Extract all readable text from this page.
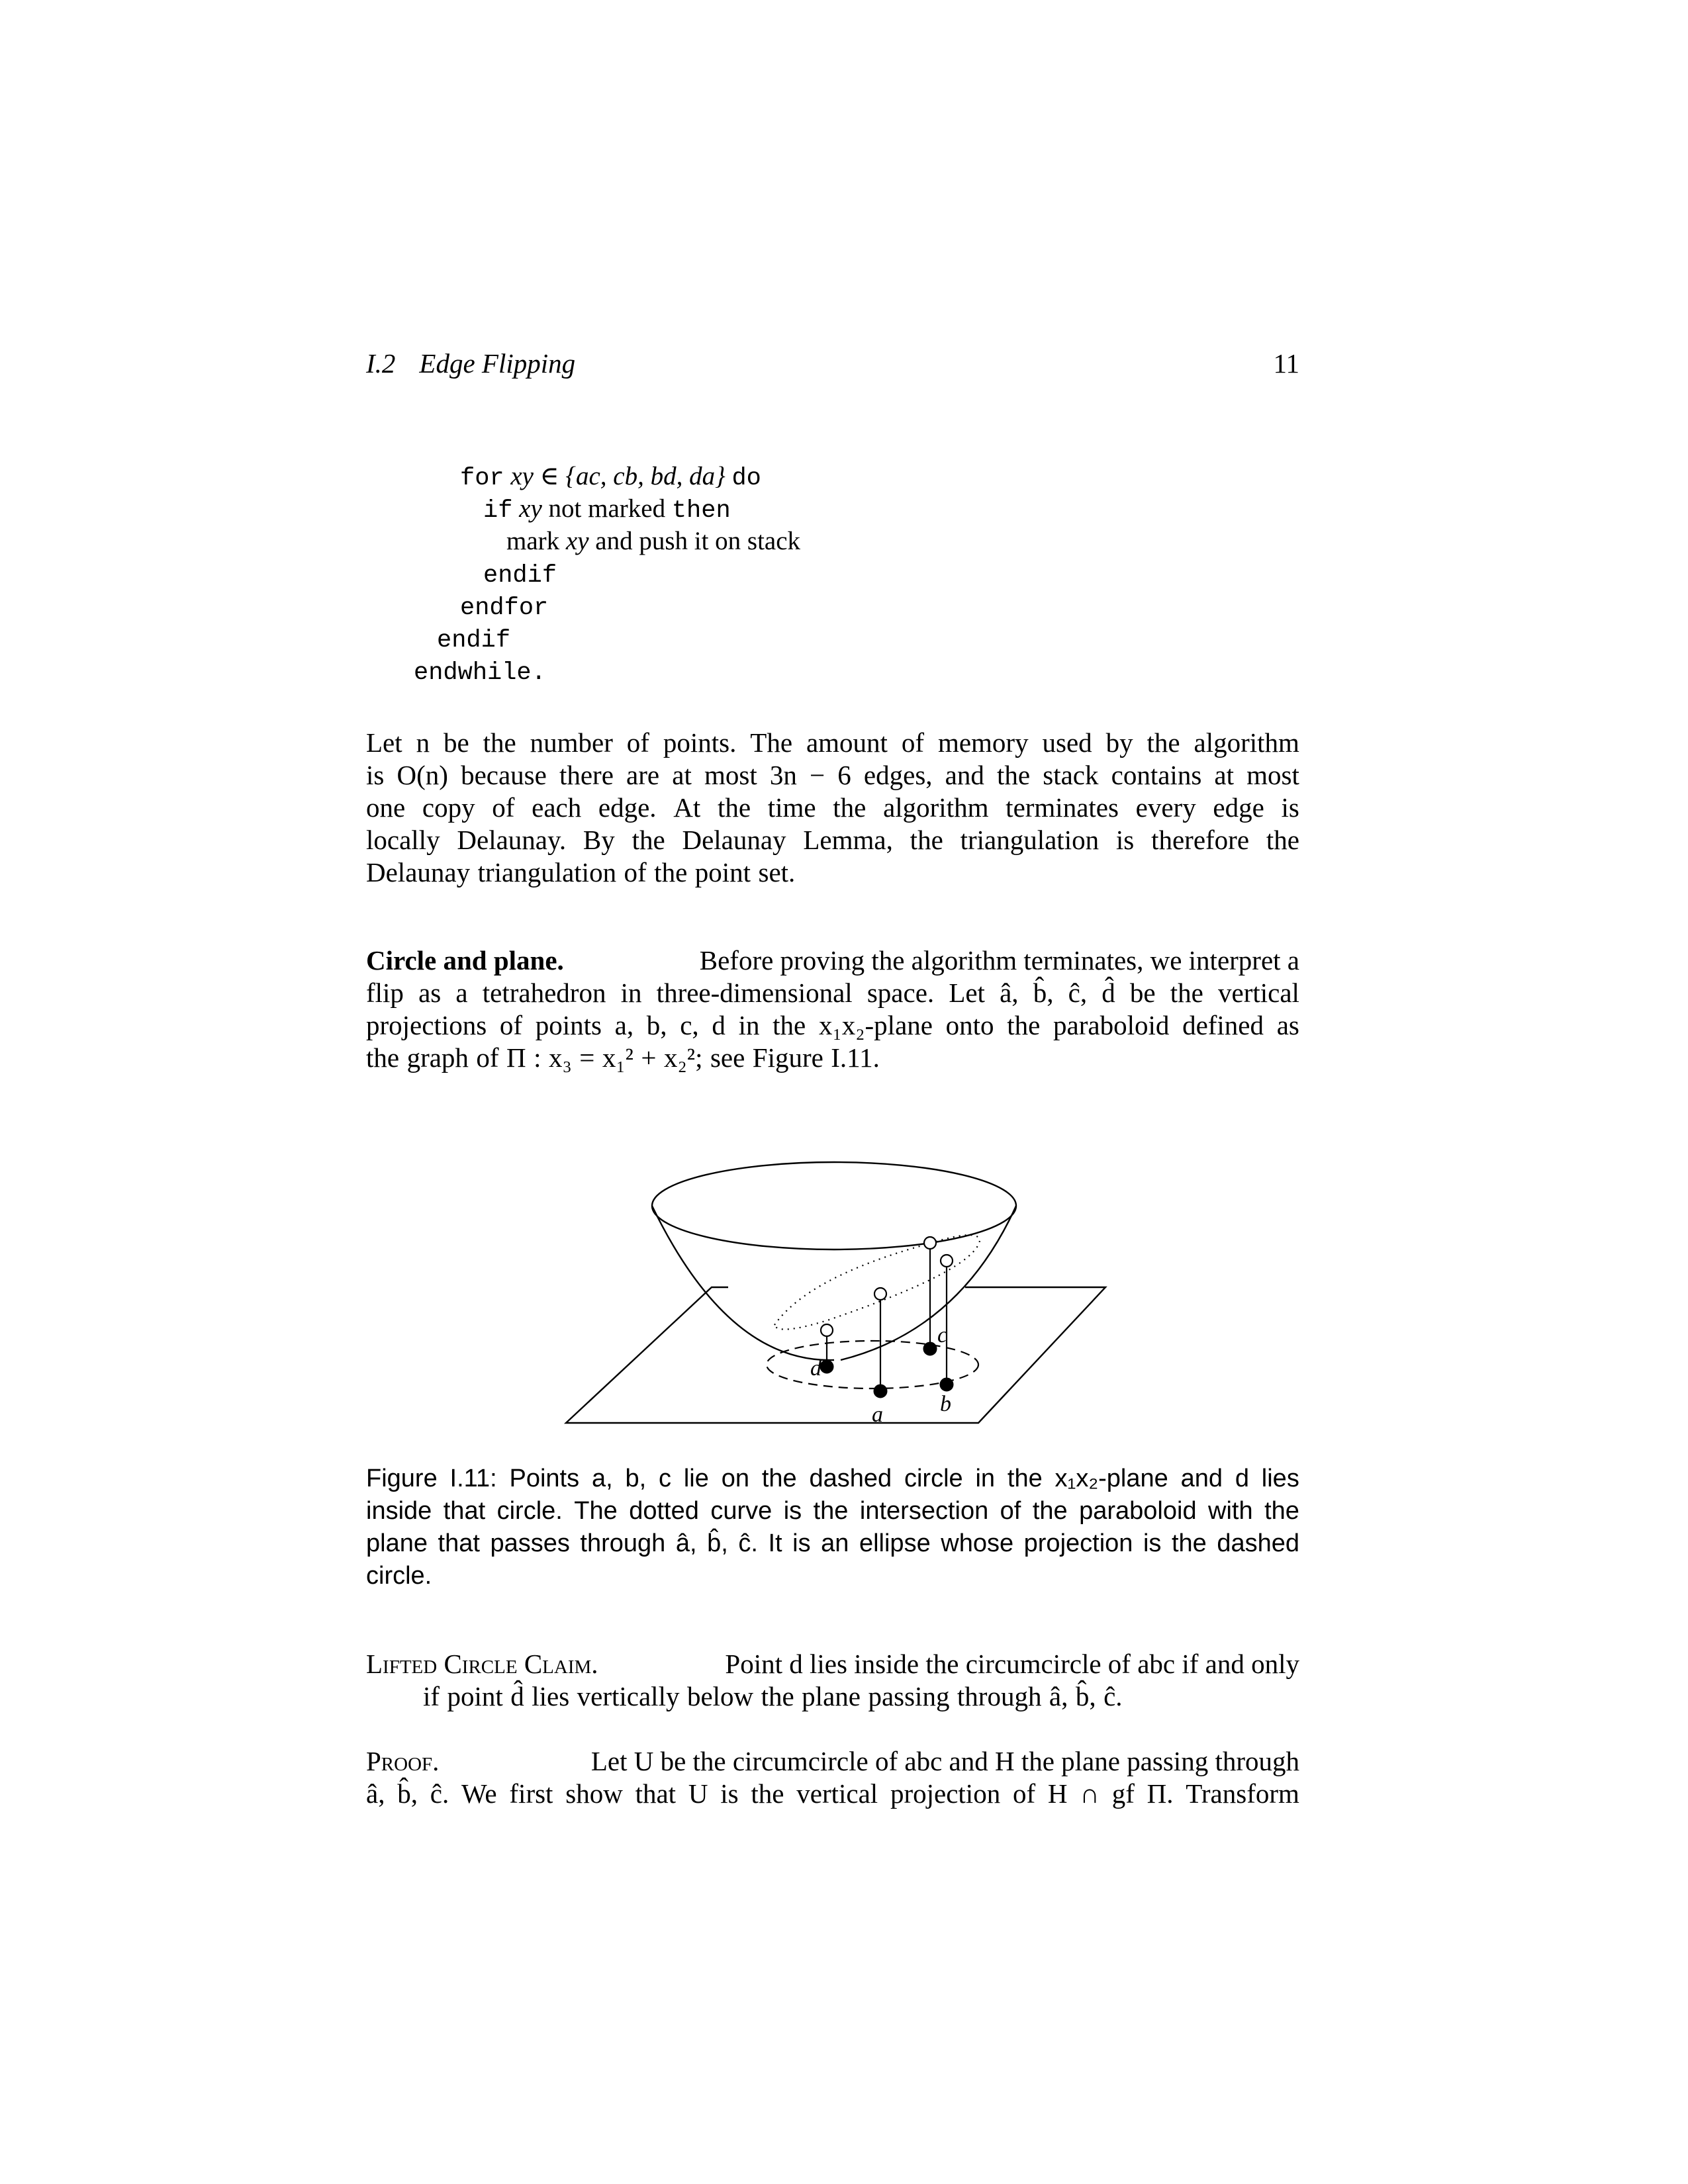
I.2 Edge Flipping	11
for xy ∈ {ac, cb, bd, da} do
if xy not marked then
mark xy and push it on stack
endif
endfor
endif
endwhile.
Let n be the number of points. The amount of memory used by the algorithm
is O(n) because there are at most 3n − 6 edges, and the stack contains at most
one copy of each edge. At the time the algorithm terminates every edge is
locally Delaunay. By the Delaunay Lemma, the triangulation is therefore the
Delaunay triangulation of the point set.
Circle and plane.	Before proving the algorithm terminates, we interpret a
flip as a tetrahedron in three-dimensional space. Let â, b̂, ĉ, d̂ be the vertical
projections of points a, b, c, d in the x₁x₂-plane onto the paraboloid defined as
the graph of Π : x₃ = x₁² + x₂²; see Figure I.11.
d
a
c
b
Figure I.11: Points a, b, c lie on the dashed circle in the x₁x₂-plane and d lies
inside that circle. The dotted curve is the intersection of the paraboloid with the
plane that passes through â, b̂, ĉ. It is an ellipse whose projection is the dashed
circle.
Lifted Circle Claim.	Point d lies inside the circumcircle of abc if and only
if point d̂ lies vertically below the plane passing through â, b̂, ĉ.
Proof.	Let U be the circumcircle of abc and H the plane passing through
â, b̂, ĉ. We first show that U is the vertical projection of H ∩ gf Π. Transform
